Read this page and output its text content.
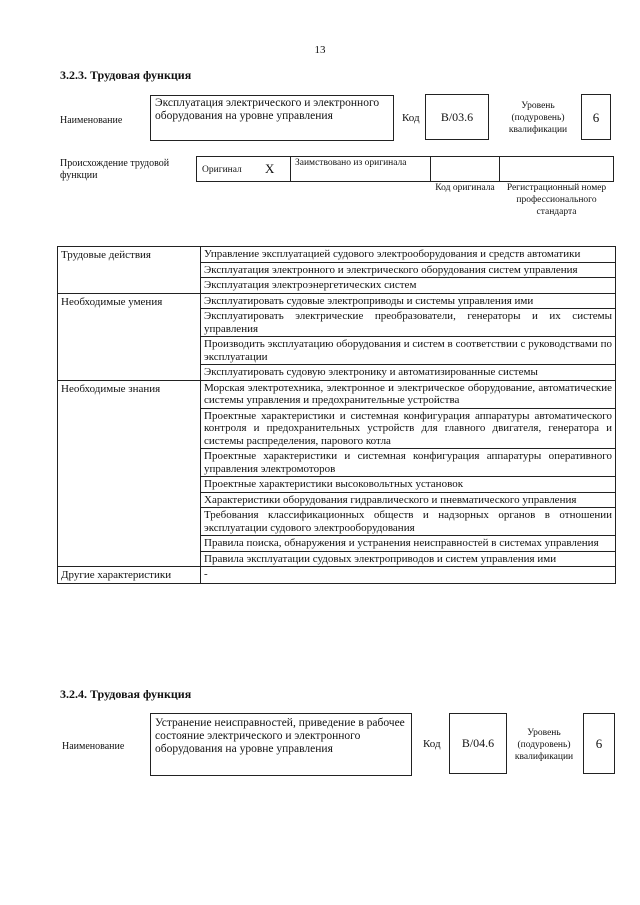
13
3.2.3. Трудовая функция
Наименование
Эксплуатация электрического и электронного оборудования на уровне управления	Код B/03.6
Уровень (подуровень) квалификации
6
Происхождение трудовой функции	Оригинал X	Заимствовано из оригинала
Код оригинала	Регистрационный номер профессионального стандарта
Трудовые действия	Управление эксплуатацией судового электрооборудования и средств автоматики
	Эксплуатация электронного и электрического оборудования систем управления
	Эксплуатация электроэнергетических систем
Необходимые умения	Эксплуатировать судовые электроприводы и системы управления ими
	Эксплуатировать электрические преобразователи, генераторы и их системы управления
	Производить эксплуатацию оборудования и систем в соответствии с руководствами по эксплуатации
	Эксплуатировать судовую электронику и автоматизированные системы
Необходимые знания	Морская электротехника, электронное и электрическое оборудование, автоматические системы управления и предохранительные устройства
	Проектные характеристики и системная конфигурация аппаратуры автоматического контроля и предохранительных устройств для главного двигателя, генератора и системы распределения, парового котла
	Проектные характеристики и системная конфигурация аппаратуры оперативного управления электромоторов
	Проектные характеристики высоковольтных установок
	Характеристики оборудования гидравлического и пневматического управления
	Требования классификационных обществ и надзорных органов в отношении эксплуатации судового электрооборудования
	Правила поиска, обнаружения и устранения неисправностей в системах управления
	Правила эксплуатации судовых электроприводов и систем управления ими
Другие характеристики	-
3.2.4. Трудовая функция
Наименование
Устранение неисправностей, приведение в рабочее состояние электрического и электронного оборудования на уровне управления	Код B/04.6
Уровень (подуровень) квалификации
6
